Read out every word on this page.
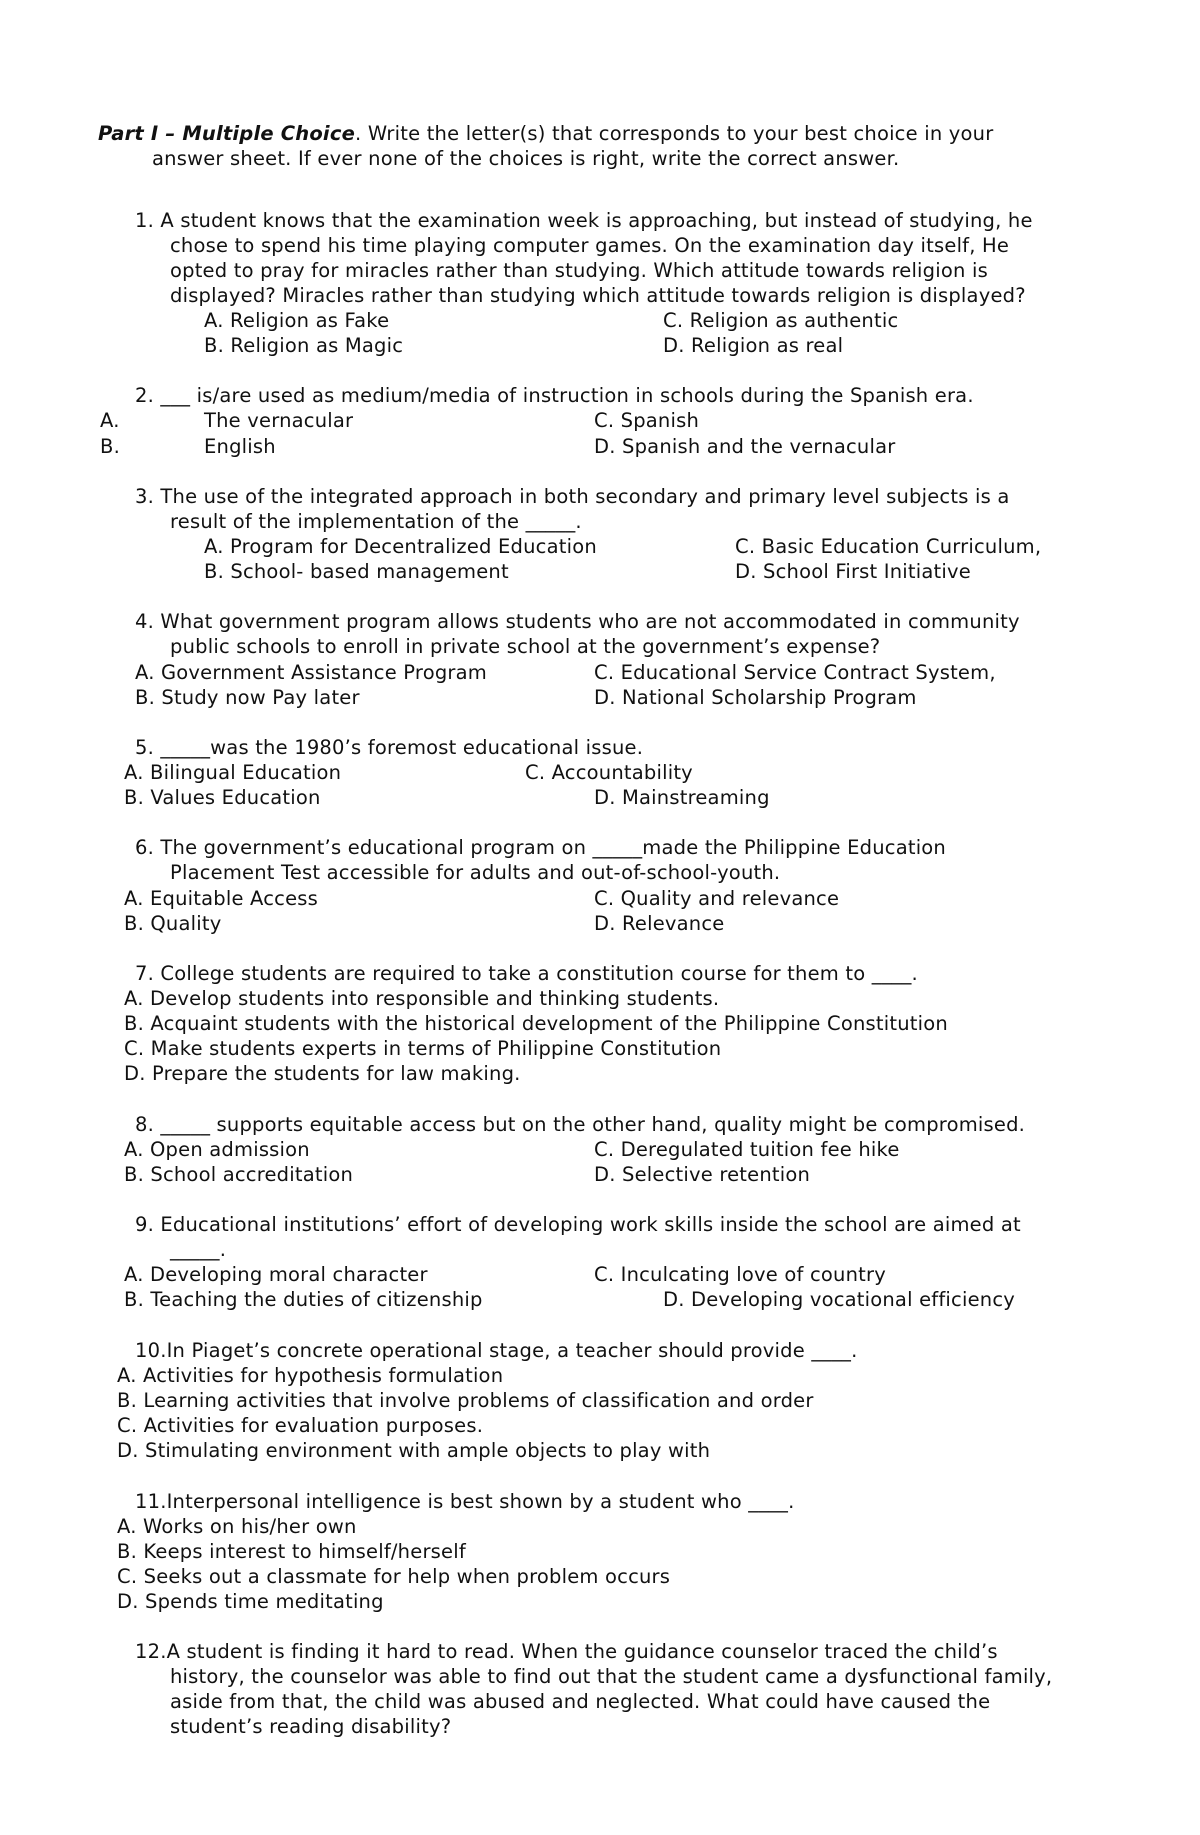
Part I – Multiple Choice. Write the letter(s) that corresponds to your best choice in your
answer sheet. If ever none of the choices is right, write the correct answer.
1. A student knows that the examination week is approaching, but instead of studying, he
chose to spend his time playing computer games. On the examination day itself, He
opted to pray for miracles rather than studying. Which attitude towards religion is
displayed? Miracles rather than studying which attitude towards religion is displayed?
A. Religion as Fake	C. Religion as authentic
B. Religion as Magic	D. Religion as real
2. ___ is/are used as medium/media of instruction in schools during the Spanish era.
A.	The vernacular	C. Spanish
B.	English	D. Spanish and the vernacular
3. The use of the integrated approach in both secondary and primary level subjects is a
result of the implementation of the _____.
A. Program for Decentralized Education	C. Basic Education Curriculum,
B. School- based management	D. School First Initiative
4. What government program allows students who are not accommodated in community
public schools to enroll in private school at the government’s expense?
A. Government Assistance Program	C. Educational Service Contract System,
B. Study now Pay later	D. National Scholarship Program
5. _____was the 1980’s foremost educational issue.
A. Bilingual Education	C. Accountability
B. Values Education	D. Mainstreaming
6. The government’s educational program on _____made the Philippine Education
Placement Test accessible for adults and out-of-school-youth.
A. Equitable Access	C. Quality and relevance
B. Quality	D. Relevance
7. College students are required to take a constitution course for them to ____.
A. Develop students into responsible and thinking students.
B. Acquaint students with the historical development of the Philippine Constitution
C. Make students experts in terms of Philippine Constitution
D. Prepare the students for law making.
8. _____ supports equitable access but on the other hand, quality might be compromised.
A. Open admission	C. Deregulated tuition fee hike
B. School accreditation	D. Selective retention
9. Educational institutions’ effort of developing work skills inside the school are aimed at
_____.
A. Developing moral character	C. Inculcating love of country
B. Teaching the duties of citizenship	D. Developing vocational efficiency
10.In Piaget’s concrete operational stage, a teacher should provide ____.
A. Activities for hypothesis formulation
B. Learning activities that involve problems of classification and order
C. Activities for evaluation purposes.
D. Stimulating environment with ample objects to play with
11.Interpersonal intelligence is best shown by a student who ____.
A. Works on his/her own
B. Keeps interest to himself/herself
C. Seeks out a classmate for help when problem occurs
D. Spends time meditating
12.A student is finding it hard to read. When the guidance counselor traced the child’s
history, the counselor was able to find out that the student came a dysfunctional family,
aside from that, the child was abused and neglected. What could have caused the
student’s reading disability?
